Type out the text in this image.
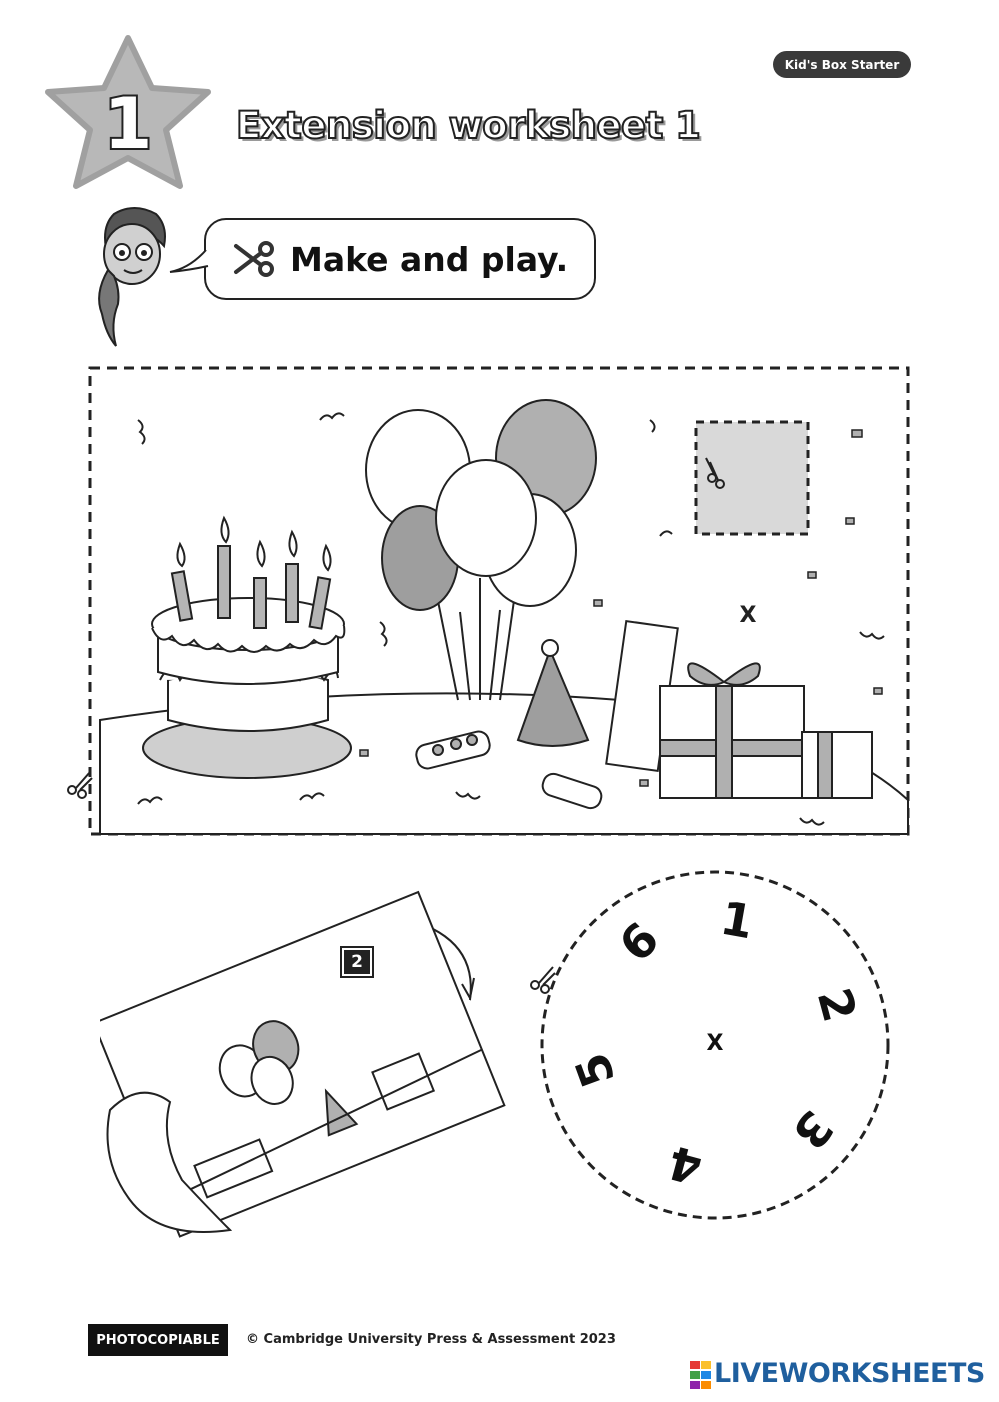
1 Extension worksheet 1
Kid's Box Starter
Make and play.
X
2
1
2
3
4
5
6
X
PHOTOCOPIABLE	© Cambridge University Press & Assessment 2023
LIVEWORKSHEETS
